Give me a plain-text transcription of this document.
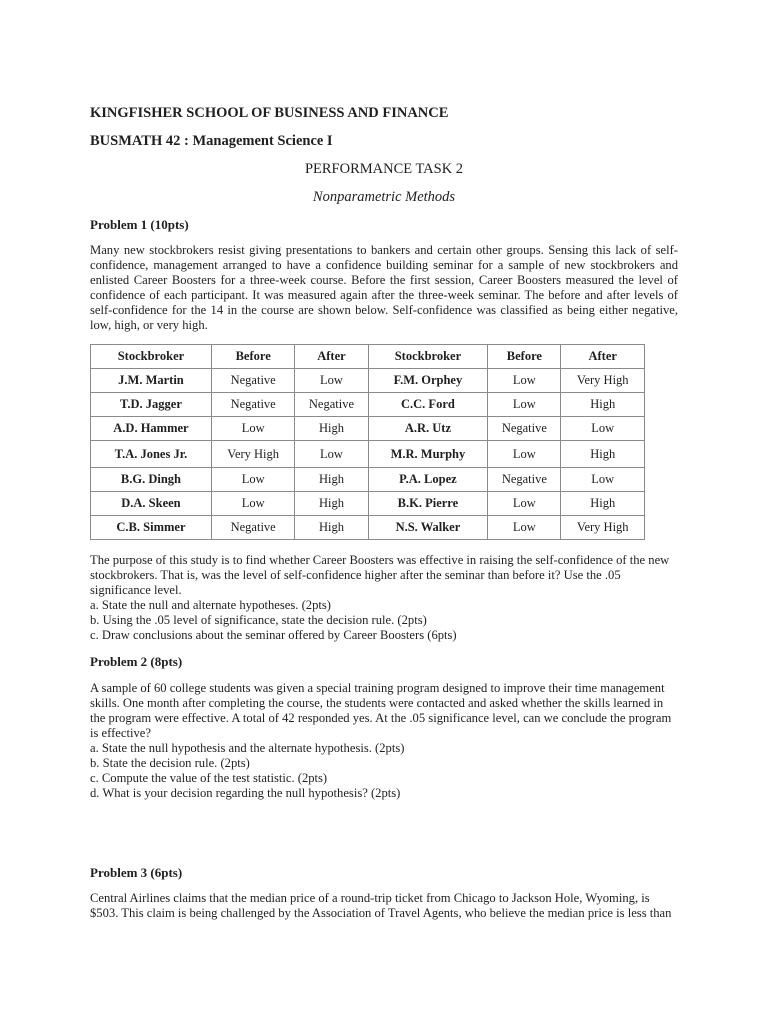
KINGFISHER SCHOOL OF BUSINESS AND FINANCE
BUSMATH 42 : Management Science I
PERFORMANCE TASK 2
Nonparametric Methods
Problem 1 (10pts)
Many new stockbrokers resist giving presentations to bankers and certain other groups. Sensing this lack of self-confidence, management arranged to have a confidence building seminar for a sample of new stockbrokers and enlisted Career Boosters for a three-week course. Before the first session, Career Boosters measured the level of confidence of each participant. It was measured again after the three-week seminar. The before and after levels of self-confidence for the 14 in the course are shown below. Self-confidence was classified as being either negative, low, high, or very high.
Stockbroker	Before	After	Stockbroker	Before	After
J.M. Martin	Negative	Low	F.M. Orphey	Low	Very High
T.D. Jagger	Negative	Negative	C.C. Ford	Low	High
A.D. Hammer	Low	High	A.R. Utz	Negative	Low
T.A. Jones Jr.	Very High	Low	M.R. Murphy	Low	High
B.G. Dingh	Low	High	P.A. Lopez	Negative	Low
D.A. Skeen	Low	High	B.K. Pierre	Low	High
C.B. Simmer	Negative	High	N.S. Walker	Low	Very High
The purpose of this study is to find whether Career Boosters was effective in raising the self-confidence of the new stockbrokers. That is, was the level of self-confidence higher after the seminar than before it? Use the .05 significance level.
a. State the null and alternate hypotheses. (2pts)
b. Using the .05 level of significance, state the decision rule. (2pts)
c. Draw conclusions about the seminar offered by Career Boosters (6pts)
Problem 2 (8pts)
A sample of 60 college students was given a special training program designed to improve their time management skills. One month after completing the course, the students were contacted and asked whether the skills learned in the program were effective. A total of 42 responded yes. At the .05 significance level, can we conclude the program is effective?
a. State the null hypothesis and the alternate hypothesis. (2pts)
b. State the decision rule. (2pts)
c. Compute the value of the test statistic. (2pts)
d. What is your decision regarding the null hypothesis? (2pts)
Problem 3 (6pts)
Central Airlines claims that the median price of a round-trip ticket from Chicago to Jackson Hole, Wyoming, is $503. This claim is being challenged by the Association of Travel Agents, who believe the median price is less than
